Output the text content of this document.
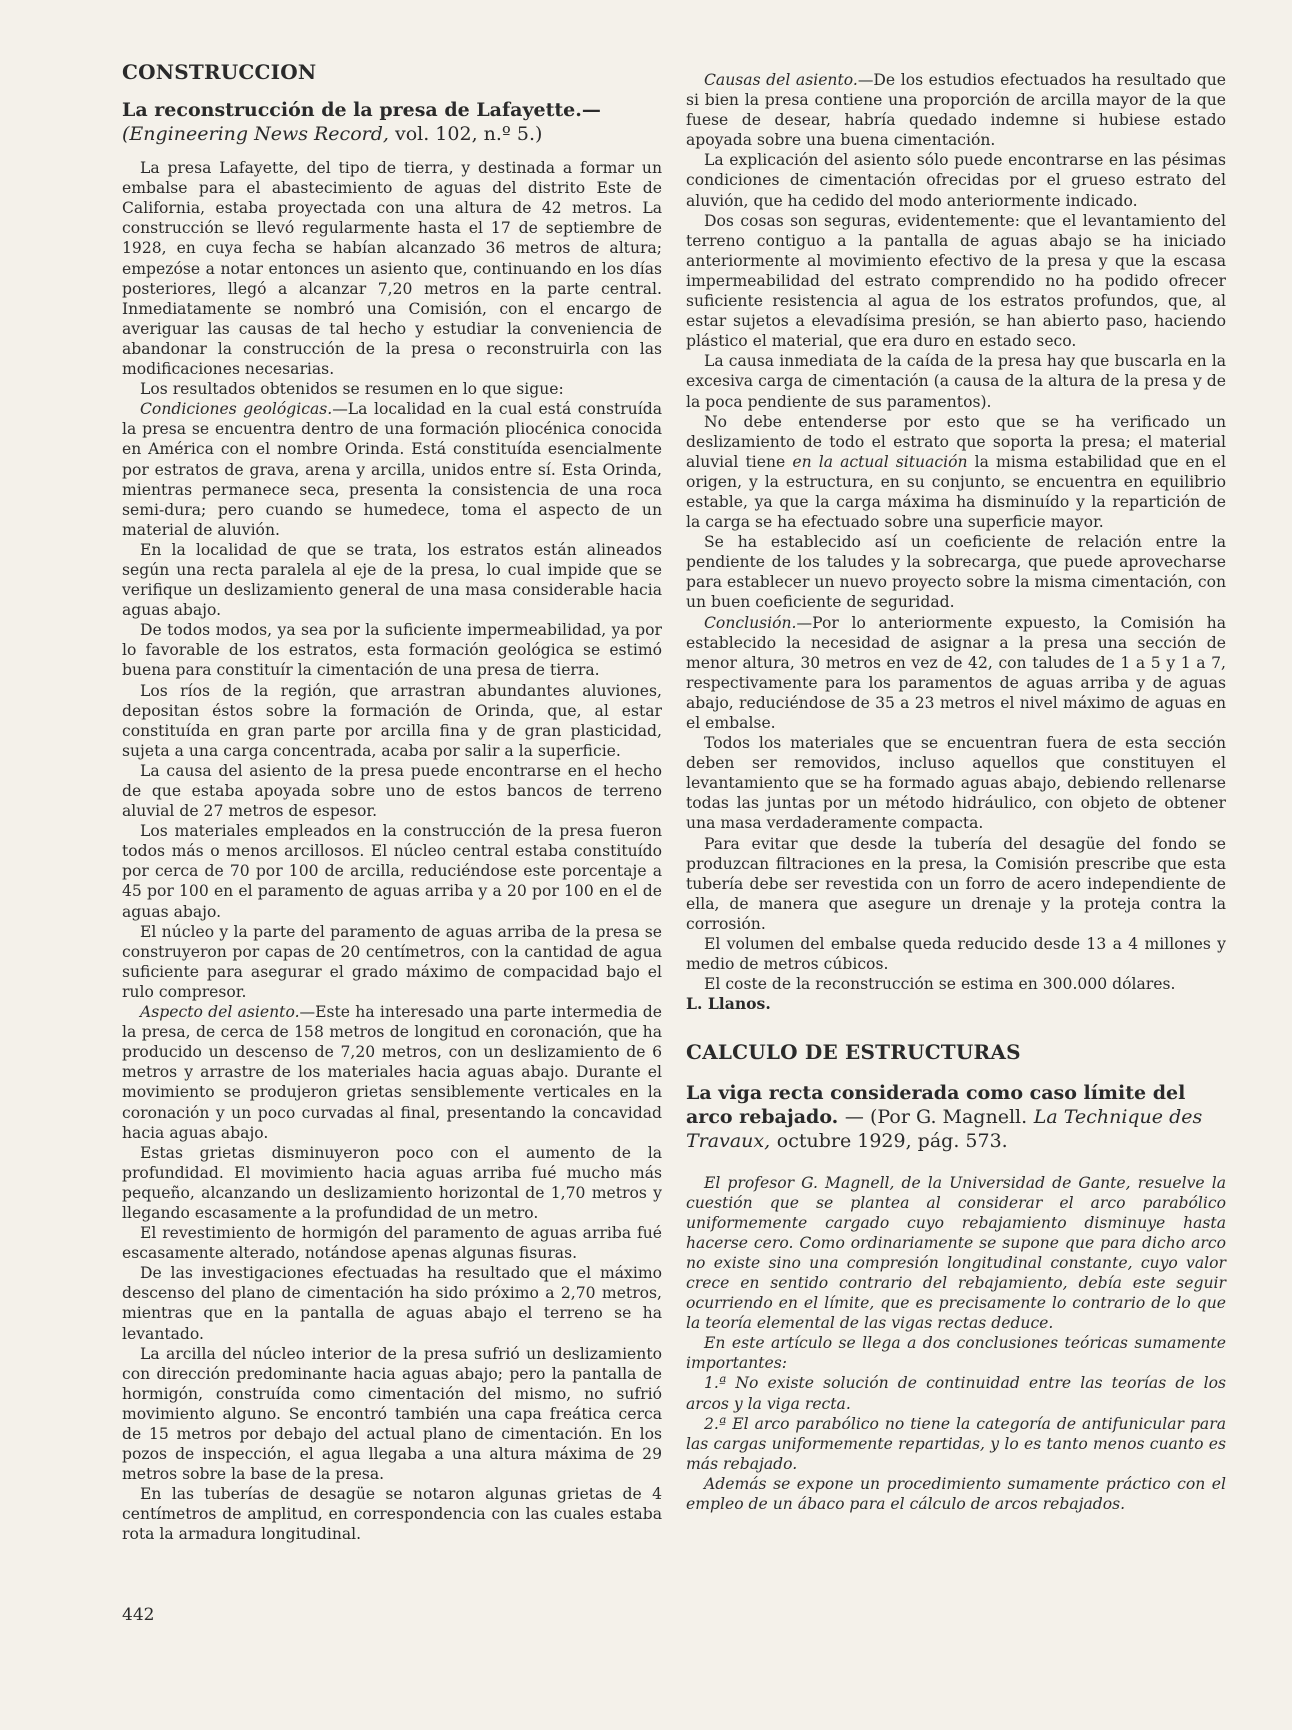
CONSTRUCCION

La reconstrucción de la presa de Lafayette.—

(Engineering News Record, vol. 102, n.º 5.)

La presa Lafayette, del tipo de tierra, y destinada a formar un embalse para el abastecimiento de aguas del distrito Este de California, estaba proyectada con una altura de 42 metros. La construcción se llevó regularmente hasta el 17 de septiembre de 1928, en cuya fecha se habían alcanzado 36 metros de altura; empezóse a notar entonces un asiento que, continuando en los días posteriores, llegó a alcanzar 7,20 metros en la parte central. Inmediatamente se nombró una Comisión, con el encargo de averiguar las causas de tal hecho y estudiar la conveniencia de abandonar la construcción de la presa o reconstruirla con las modificaciones necesarias.

Los resultados obtenidos se resumen en lo que sigue:

Condiciones geológicas.—La localidad en la cual está construída la presa se encuentra dentro de una formación pliocénica conocida en América con el nombre Orinda. Está constituída esencialmente por estratos de grava, arena y arcilla, unidos entre sí. Esta Orinda, mientras permanece seca, presenta la consistencia de una roca semi-dura; pero cuando se humedece, toma el aspecto de un material de aluvión.

En la localidad de que se trata, los estratos están alineados según una recta paralela al eje de la presa, lo cual impide que se verifique un deslizamiento general de una masa considerable hacia aguas abajo.

De todos modos, ya sea por la suficiente impermeabilidad, ya por lo favorable de los estratos, esta formación geológica se estimó buena para constituír la cimentación de una presa de tierra.

Los ríos de la región, que arrastran abundantes aluviones, depositan éstos sobre la formación de Orinda, que, al estar constituída en gran parte por arcilla fina y de gran plasticidad, sujeta a una carga concentrada, acaba por salir a la superficie.

La causa del asiento de la presa puede encontrarse en el hecho de que estaba apoyada sobre uno de estos bancos de terreno aluvial de 27 metros de espesor.

Los materiales empleados en la construcción de la presa fueron todos más o menos arcillosos. El núcleo central estaba constituído por cerca de 70 por 100 de arcilla, reduciéndose este porcentaje a 45 por 100 en el paramento de aguas arriba y a 20 por 100 en el de aguas abajo.

El núcleo y la parte del paramento de aguas arriba de la presa se construyeron por capas de 20 centímetros, con la cantidad de agua suficiente para asegurar el grado máximo de compacidad bajo el rulo compresor.

Aspecto del asiento.—Este ha interesado una parte intermedia de la presa, de cerca de 158 metros de longitud en coronación, que ha producido un descenso de 7,20 metros, con un deslizamiento de 6 metros y arrastre de los materiales hacia aguas abajo. Durante el movimiento se produjeron grietas sensiblemente verticales en la coronación y un poco curvadas al final, presentando la concavidad hacia aguas abajo.

Estas grietas disminuyeron poco con el aumento de la profundidad. El movimiento hacia aguas arriba fué mucho más pequeño, alcanzando un deslizamiento horizontal de 1,70 metros y llegando escasamente a la profundidad de un metro.

El revestimiento de hormigón del paramento de aguas arriba fué escasamente alterado, notándose apenas algunas fisuras.

De las investigaciones efectuadas ha resultado que el máximo descenso del plano de cimentación ha sido próximo a 2,70 metros, mientras que en la pantalla de aguas abajo el terreno se ha levantado.

La arcilla del núcleo interior de la presa sufrió un deslizamiento con dirección predominante hacia aguas abajo; pero la pantalla de hormigón, construída como cimentación del mismo, no sufrió movimiento alguno. Se encontró también una capa freática cerca de 15 metros por debajo del actual plano de cimentación. En los pozos de inspección, el agua llegaba a una altura máxima de 29 metros sobre la base de la presa.

En las tuberías de desagüe se notaron algunas grietas de 4 centímetros de amplitud, en correspondencia con las cuales estaba rota la armadura longitudinal.

Causas del asiento.—De los estudios efectuados ha resultado que si bien la presa contiene una proporción de arcilla mayor de la que fuese de desear, habría quedado indemne si hubiese estado apoyada sobre una buena cimentación.

La explicación del asiento sólo puede encontrarse en las pésimas condiciones de cimentación ofrecidas por el grueso estrato del aluvión, que ha cedido del modo anteriormente indicado.

Dos cosas son seguras, evidentemente: que el levantamiento del terreno contiguo a la pantalla de aguas abajo se ha iniciado anteriormente al movimiento efectivo de la presa y que la escasa impermeabilidad del estrato comprendido no ha podido ofrecer suficiente resistencia al agua de los estratos profundos, que, al estar sujetos a elevadísima presión, se han abierto paso, haciendo plástico el material, que era duro en estado seco.

La causa inmediata de la caída de la presa hay que buscarla en la excesiva carga de cimentación (a causa de la altura de la presa y de la poca pendiente de sus paramentos).

No debe entenderse por esto que se ha verificado un deslizamiento de todo el estrato que soporta la presa; el material aluvial tiene en la actual situación la misma estabilidad que en el origen, y la estructura, en su conjunto, se encuentra en equilibrio estable, ya que la carga máxima ha disminuído y la repartición de la carga se ha efectuado sobre una superficie mayor.

Se ha establecido así un coeficiente de relación entre la pendiente de los taludes y la sobrecarga, que puede aprovecharse para establecer un nuevo proyecto sobre la misma cimentación, con un buen coeficiente de seguridad.

Conclusión.—Por lo anteriormente expuesto, la Comisión ha establecido la necesidad de asignar a la presa una sección de menor altura, 30 metros en vez de 42, con taludes de 1 a 5 y 1 a 7, respectivamente para los paramentos de aguas arriba y de aguas abajo, reduciéndose de 35 a 23 metros el nivel máximo de aguas en el embalse.

Todos los materiales que se encuentran fuera de esta sección deben ser removidos, incluso aquellos que constituyen el levantamiento que se ha formado aguas abajo, debiendo rellenarse todas las juntas por un método hidráulico, con objeto de obtener una masa verdaderamente compacta.

Para evitar que desde la tubería del desagüe del fondo se produzcan filtraciones en la presa, la Comisión prescribe que esta tubería debe ser revestida con un forro de acero independiente de ella, de manera que asegure un drenaje y la proteja contra la corrosión.

El volumen del embalse queda reducido desde 13 a 4 millones y medio de metros cúbicos.

El coste de la reconstrucción se estima en 300.000 dólares.

L. Llanos.

CALCULO DE ESTRUCTURAS

La viga recta considerada como caso límite del arco rebajado. — (Por G. Magnell. La Technique des Travaux, octubre 1929, pág. 573.

El profesor G. Magnell, de la Universidad de Gante, resuelve la cuestión que se plantea al considerar el arco parabólico uniformemente cargado cuyo rebajamiento disminuye hasta hacerse cero. Como ordinariamente se supone que para dicho arco no existe sino una compresión longitudinal constante, cuyo valor crece en sentido contrario del rebajamiento, debía este seguir ocurriendo en el límite, que es precisamente lo contrario de lo que la teoría elemental de las vigas rectas deduce.

En este artículo se llega a dos conclusiones teóricas sumamente importantes:

1.ª No existe solución de continuidad entre las teorías de los arcos y la viga recta.

2.ª El arco parabólico no tiene la categoría de antifunicular para las cargas uniformemente repartidas, y lo es tanto menos cuanto es más rebajado.

Además se expone un procedimiento sumamente práctico con el empleo de un ábaco para el cálculo de arcos rebajados.

442
